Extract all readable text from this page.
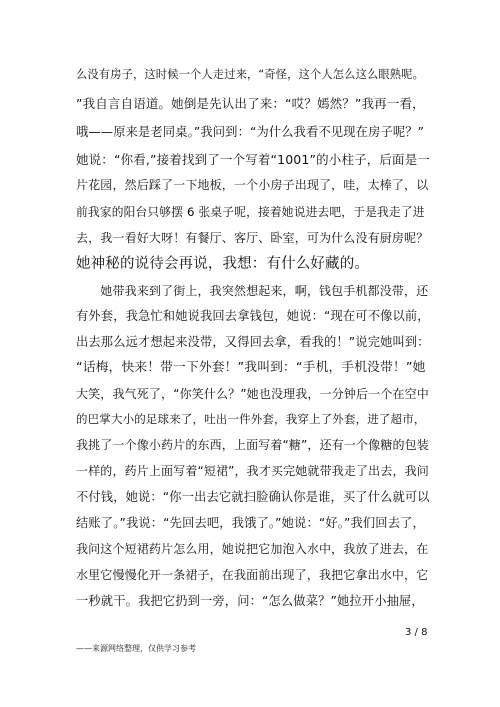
么没有房子，这时候一个人走过来，“奇怪，这个人怎么这么眼熟呢。
”我自言自语道。她倒是先认出了来：“哎？嫣然？”我再一看，
哦——原来是老同桌。”我问到：“为什么我看不见现在房子呢？”
她说：“你看,”接着找到了一个写着“1001”的小柱子，后面是一
片花园，然后踩了一下地板，一个小房子出现了，哇，太棒了，以
前我家的阳台只够摆 6 张桌子呢，接着她说进去吧，于是我走了进
去，我一看好大呀！有餐厅、客厅、卧室，可为什么没有厨房呢？
她神秘的说待会再说，我想：有什么好藏的。
　　她带我来到了街上，我突然想起来，啊，钱包手机都没带，还
有外套，我急忙和她说我回去拿钱包，她说：“现在可不像以前，
出去那么远才想起来没带，又得回去拿，看我的！”说完她叫到：
“话梅，快来！带一下外套！”我叫到：“手机，手机没带！”她
大笑，我气死了，“你笑什么？”她也没理我，一分钟后一个在空中
的巴掌大小的足球来了，吐出一件外套，我穿上了外套，进了超市，
我挑了一个像小药片的东西，上面写着“糖”，还有一个像糖的包装
一样的，药片上面写着“短裙”，我才买完她就带我走了出去，我问
不付钱，她说：“你一出去它就扫脸确认你是谁，买了什么就可以
结账了。”我说：“先回去吧，我饿了。”她说：“好。”我们回去了，
我问这个短裙药片怎么用，她说把它加泡入水中，我放了进去，在
水里它慢慢化开一条裙子，在我面前出现了，我把它拿出水中，它
一秒就干。我把它扔到一旁，问：“怎么做菜？”她拉开小抽屉，
3 / 8
——来源网络整理，仅供学习参考
